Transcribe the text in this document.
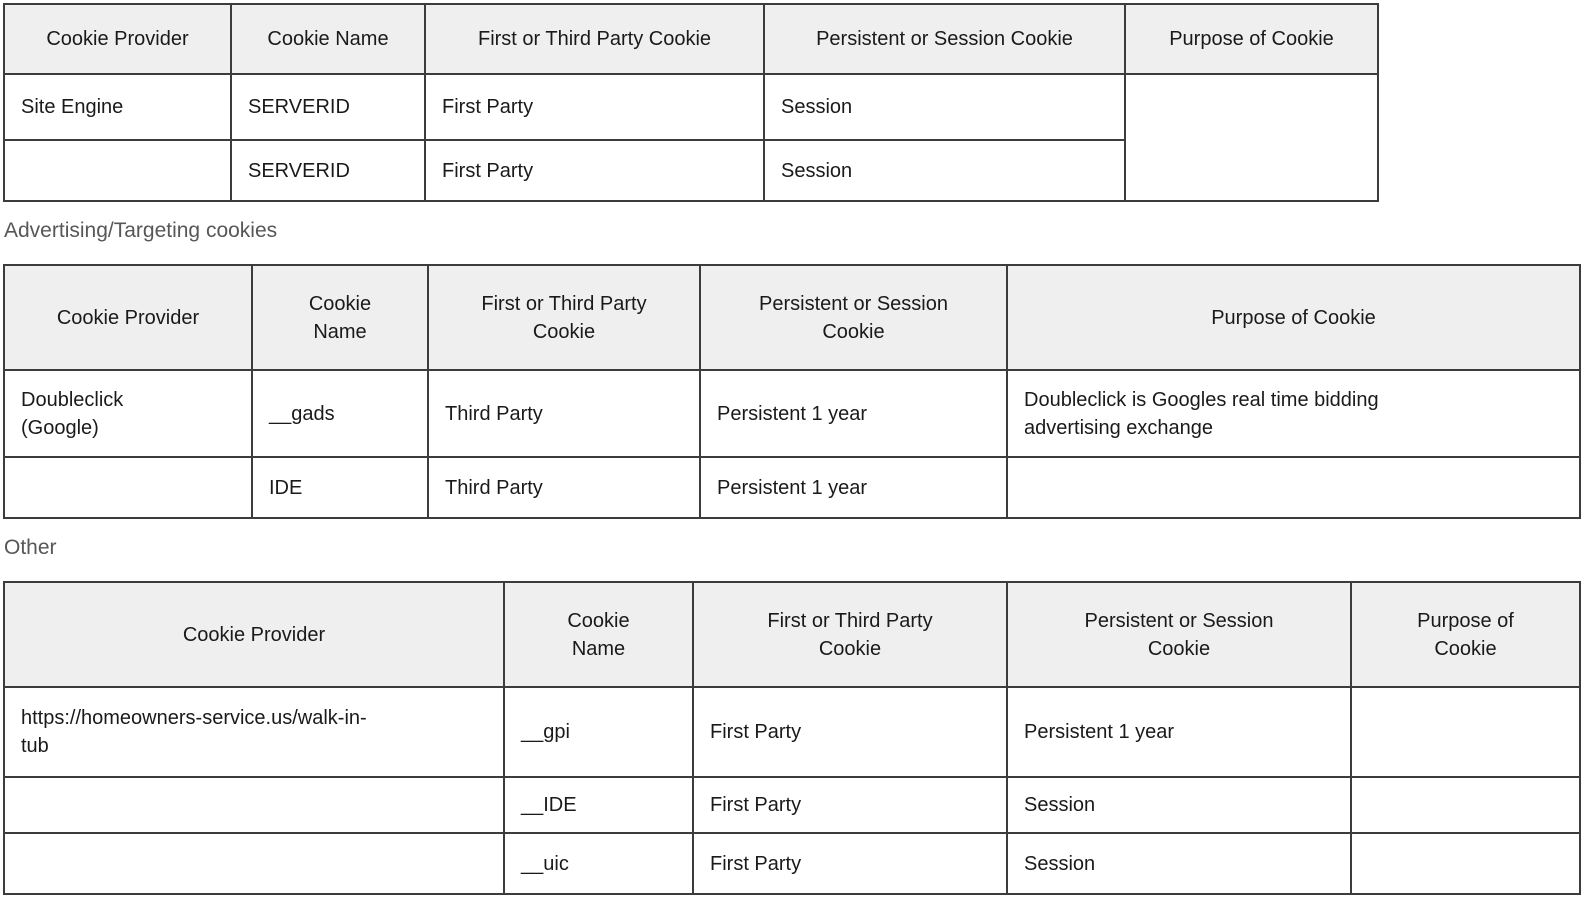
Cookie Provider	Cookie Name	First or Third Party Cookie	Persistent or Session Cookie	Purpose of Cookie
Site Engine	SERVERID	First Party	Session	
	SERVERID	First Party	Session	
Advertising/Targeting cookies
Cookie Provider	Cookie Name	First or Third Party Cookie	Persistent or Session Cookie	Purpose of Cookie
Doubleclick (Google)	__gads	Third Party	Persistent 1 year	Doubleclick is Googles real time bidding advertising exchange
	IDE	Third Party	Persistent 1 year	
Other
Cookie Provider	Cookie Name	First or Third Party Cookie	Persistent or Session Cookie	Purpose of Cookie
https://homeowners-service.us/walk-in-tub	__gpi	First Party	Persistent 1 year	
	__IDE	First Party	Session	
	__uic	First Party	Session	
